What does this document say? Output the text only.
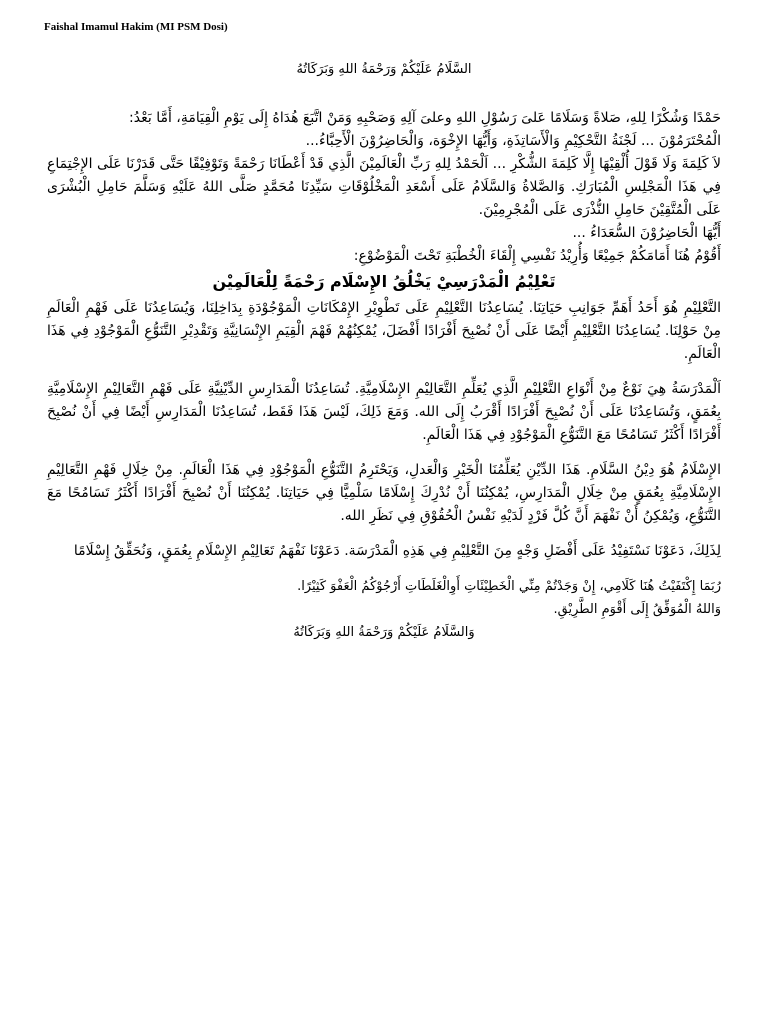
Faishal Imamul Hakim (MI PSM Dosi)
السَّلَامُ عَلَيْكُمْ وَرَحْمَةُ اللهِ وَبَرَكَاتُهُ

حَمْدًا وَشُكْرًا لِلهِ، صَلاةً وَسَلَامًا عَلىَ رَسُوْلِ اللهِ وعلىَ آلِهِ وَصَحْبِهِ وَمَنْ اتَّبَعَ هُدَاهُ إِلَى يَوْمِ الْقِيَامَةِ، أَمَّا بَعْدُ:

الْمُحْتَرَمُوْنَ ... لَجْنَةُ التَّحْكِيْمِ وَالْأَسَاتِذَةِ، وَأَيُّهَا الإِخْوَة، وَالْحَاضِرُوْنَ الْأَحِبَّاءُ...

لاَ كَلِمَةَ وَلَا قَوْلَ أُلْقِيْهَا إِلَّا كَلِمَةَ الشُّكْرِ ... اَلْحَمْدُ لِلهِ رَبِّ الْعَالَمِيْنَ الَّذِي قَدْ أَعْطَانَا رَحْمَةً وَتَوْفِيْقًا حَتَّى قَدَرْنَا عَلَى الإِجْتِمَاعِ فِي هَذَا الْمَجْلِسِ الْمُبَارَكِ. وَالصَّلاةُ وَالسَّلَامُ عَلَى أَسْعَدِ الْمَخْلُوْقَاتِ سَيِّدِنَا مُحَمَّدٍ صَلَّى اللهُ عَلَيْهِ وَسَلَّمَ حَامِلِ الْبُشْرَى عَلَى الْمُتَّقِيْنَ حَامِلِ النُّذْرَى عَلَى الْمُجْرِمِيْنَ.

أَيُّهَا الْحَاضِرُوْنَ السُّعَدَاءُ ...

أَقُوْمُ هُنَا أَمَامَكُمْ جَمِيْعًا وَأُرِيْدُ نَفْسِي إِلْقَاءَ الْخُطْبَةِ تَحْتَ الْمَوْضُوْعِ:

تَعْلِيْمُ الْمَدْرَسِيْ يَخْلُقُ الإِسْلَام رَحْمَةً لِلْعَالَمِيْن

التَّعْلِيْمِ هُوَ أَحَدُ أَهَمِّ جَوَانِبِ حَيَاتِنَا. يُسَاعِدُنَا التَّعْلِيْمِ عَلَى تَطْوِيْرِ الإِمْكَانَاتِ الْمَوْجُوْدَةِ بِدَاخِلِنَا، وَيُسَاعِدُنَا عَلَى فَهْمِ الْعَالَمِ مِنْ حَوْلِنَا. يُسَاعِدُنَا التَّعْلِيْمِ أَيْضًا عَلَى أَنْ نُصْبِحَ أَفْرَادًا أَفْضَلَ، يُمْكِنُهُمْ فَهْمَ الْقِيَمِ الإِنْسَانِيَّةِ وَتَقْدِيْرِ التَّنَوُّعِ الْمَوْجُوْدِ فِي هَذَا الْعَالَمِ.

اَلْمَدْرَسَةُ هِيَ نَوْعٌ مِنْ أَنْوَاعِ التَّعْلِيْمِ الَّذِي يُعَلِّمِ التَّعَالِيْمِ الإِسْلَامِيَّةِ. تُسَاعِدُنَا الْمَدَارِسِ الدِّيْنِيَّةِ عَلَى فَهْمِ التَّعَالِيْمِ الإِسْلَامِيَّةِ بِعُمَقٍ، وَتُسَاعِدُنَا عَلَى أَنْ نُصْبِحَ أَفْرَادًا أَقْرَبُ إِلَى الله. وَمَعَ ذَلِكَ، لَيْسَ هَذَا فَقَط، تُسَاعِدُنَا الْمَدَارِسِ أَيْضًا فِي أَنْ نُصْبِحَ أَفْرَادًا أَكْثَرُ تَسَامُحًا مَعَ التَّنَوُّعِ الْمَوْجُوْدِ فِي هَذَا الْعَالَمِ.

الإِسْلَامُ هُوَ دِيْنُ السَّلَامِ. هَذَا الدِّيْنِ يُعَلِّمُنَا الْخَيْرِ وَالْعَدلِ، وَيَحْتَرِمُ التَّنَوُّعِ الْمَوْجُوْدِ فِي هَذَا الْعَالَمِ. مِنْ خِلَالِ فَهْمِ التَّعَالِيْمِ الإِسْلَامِيَّةِ بِعُمَقٍ مِنْ خِلَالِ الْمَدَارِسِ، يُمْكِنُنَا أَنْ نُدْرِكَ إِسْلَامًا سَلْمِيًّا فِي حَيَاتِنَا. يُمْكِنُنَا أَنْ نُصْبِحَ أَفْرَادًا أَكْثَرُ تَسَامُحًا مَعَ التَّنَوُّعِ، وَيُمْكِنُ أَنْ نَفْهَمَ أَنَّ كُلَّ فَرْدٍ لَدَيْهِ نَفْسُ الْحُقُوْقِ فِي نَظَرِ الله.

لِذَلِكَ، دَعَوْنَا نَسْتَفِيْدُ عَلَى أَفْضَلِ وَجْهٍ مِنَ التَّعْلِيْمِ فِي هَذِهِ الْمَدْرَسَة. دَعَوْنَا نَفْهَمُ تَعَالِيْمِ الإِسْلَامِ بِعُمَقٍ، وَنُحَقِّقُ إِسْلَامًا

رُبَمَا إِكْتَفَيْتُ هُنَا كَلَامِي، إِنْ وَجَدْتُمْ مِنِّي الْخَطِيْئَاتِ أَوِالْغَلَطَاتِ أَرْجُوْكُمُ الْعَفْوَ كَثِيْرًا.

وَاللهُ الْمُوَفِّقُ إِلَى أَقْوَمِ الطَّرِيْقِ.

وَالسَّلَامُ عَلَيْكُمْ وَرَحْمَةُ اللهِ وَبَرَكَاتُهُ
